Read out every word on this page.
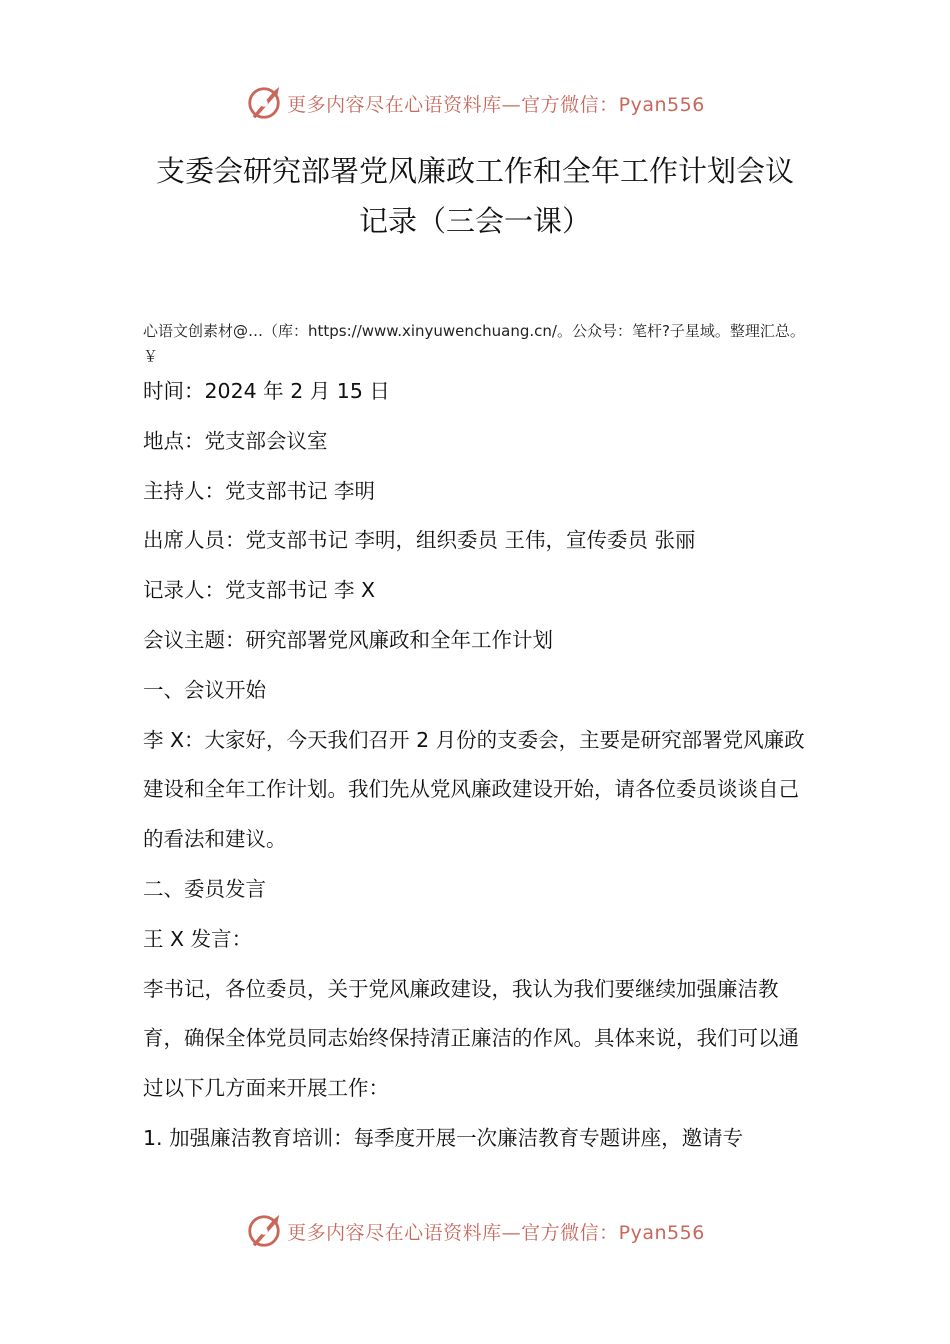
更多内容尽在心语资料库—官方微信：Pyan556
支委会研究部署党风廉政工作和全年工作计划会议记录（三会一课）
心语文创素材@…（库：https://www.xinyuwenchuang.cn/。公众号：笔杆?子星域。整理汇总。￥

时间：2024 年 2 月 15 日

地点：党支部会议室

主持人：党支部书记 李明

出席人员：党支部书记 李明，组织委员 王伟，宣传委员 张丽

记录人：党支部书记 李 X

会议主题：研究部署党风廉政和全年工作计划

一、会议开始

李 X：大家好，今天我们召开 2 月份的支委会，主要是研究部署党风廉政建设和全年工作计划。我们先从党风廉政建设开始，请各位委员谈谈自己的看法和建议。

二、委员发言

王 X 发言：

李书记，各位委员，关于党风廉政建设，我认为我们要继续加强廉洁教育，确保全体党员同志始终保持清正廉洁的作风。具体来说，我们可以通过以下几方面来开展工作：

1. 加强廉洁教育培训：每季度开展一次廉洁教育专题讲座，邀请专

更多内容尽在心语资料库—官方微信：Pyan556
